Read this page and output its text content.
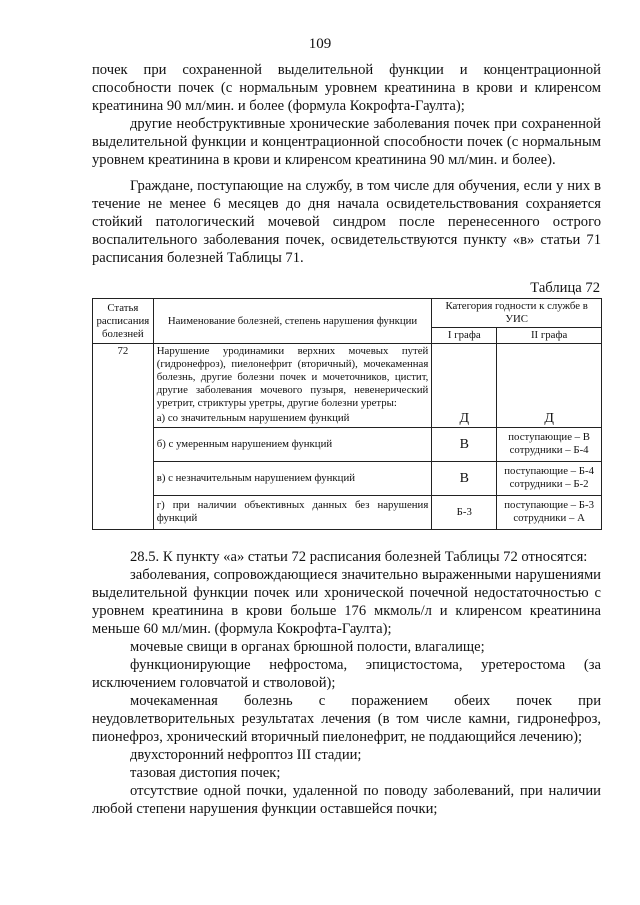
109

почек при сохраненной выделительной функции и концентрационной способности почек (с нормальным уровнем креатинина в крови и клиренсом креатинина 90 мл/мин. и более (формула Кокрофта-Гаулта);

другие необструктивные хронические заболевания почек при сохраненной выделительной функции и концентрационной способности почек (с нормальным уровнем креатинина в крови и клиренсом креатинина 90 мл/мин. и более).

Граждане, поступающие на службу, в том числе для обучения, если у них в течение не менее 6 месяцев до дня начала освидетельствования сохраняется стойкий патологический мочевой синдром после перенесенного острого воспалительного заболевания почек, освидетельствуются пункту «в» статьи 71 расписания болезней Таблицы 71.

Таблица 72
Статья расписания болезней	Наименование болезней, степень нарушения функции	Категория годности к службе в УИС	
		I графа	II графа
72	Нарушение уродинамики верхних мочевых путей (гидронефроз), пиелонефрит (вторичный), мочекаменная болезнь, другие болезни почек и мочеточников, цистит, другие заболевания мочевого пузыря, невенерический уретрит, стриктуры уретры, другие болезни уретры:		
	а) со значительным нарушением функций	Д	Д
	б) с умеренным нарушением функций	В	поступающие – В сотрудники – Б-4
	в) с незначительным нарушением функций	В	поступающие – Б-4 сотрудники – Б-2
	г) при наличии объективных данных без нарушения функций	Б-3	поступающие – Б-3 сотрудники – А

28.5. К пункту «а» статьи 72 расписания болезней Таблицы 72 относятся:

заболевания, сопровождающиеся значительно выраженными нарушениями выделительной функции почек или хронической почечной недостаточностью с уровнем креатинина в крови больше 176 мкмоль/л и клиренсом креатинина меньше 60 мл/мин. (формула Кокрофта-Гаулта);

мочевые свищи в органах брюшной полости, влагалище;

функционирующие нефростома, эпицистостома, уретеростома (за исключением головчатой и стволовой);

мочекаменная болезнь с поражением обеих почек при неудовлетворительных результатах лечения (в том числе камни, гидронефроз, пионефроз, хронический вторичный пиелонефрит, не поддающийся лечению);

двухсторонний нефроптоз III стадии;

тазовая дистопия почек;

отсутствие одной почки, удаленной по поводу заболеваний, при наличии любой степени нарушения функции оставшейся почки;
